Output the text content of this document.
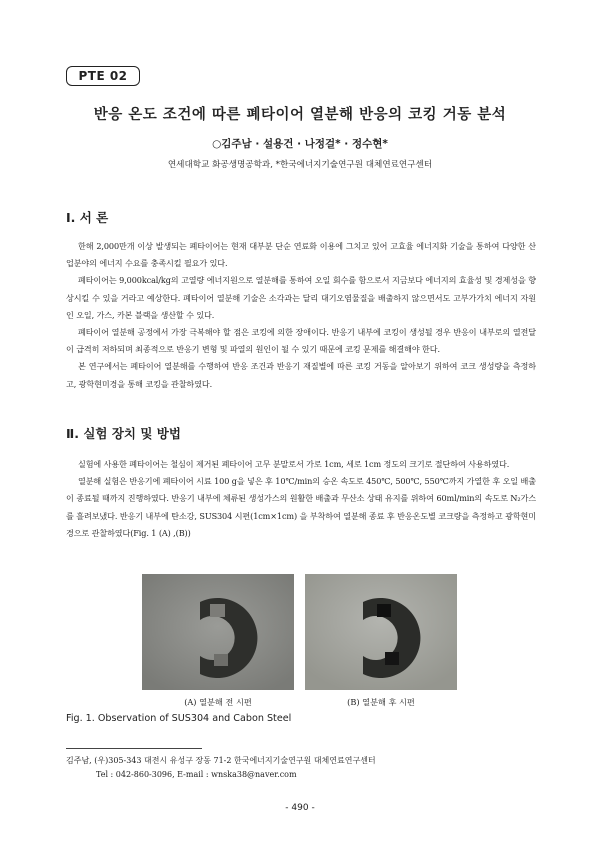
PTE 02
반응 온도 조건에 따른 폐타이어 열분해 반응의 코킹 거동 분석
○김주남 · 설용건 · 나정걸* · 정수현*
연세대학교 화공생명공학과, *한국에너지기술연구원 대체연료연구센터
Ⅰ. 서 론

한해 2,000만개 이상 발생되는 폐타이어는 현재 대부분 단순 연료화 이용에 그치고 있어 고효율 에너지화 기술을 통하여 다양한 산업분야의 에너지 수요를 충족시킬 필요가 있다.

폐타이어는 9,000kcal/kg의 고열량 에너지원으로 열분해를 통하여 오일 회수를 함으로서 지금보다 에너지의 효율성 및 경제성을 향상시킬 수 있을 거라고 예상한다. 폐타이어 열분해 기술은 소각과는 달리 대기오염물질을 배출하지 않으면서도 고부가가치 에너지 자원인 오일, 가스, 카본 블랙을 생산할 수 있다.

폐타이어 열분해 공정에서 가장 극복해야 할 점은 코킹에 의한 장애이다. 반응기 내부에 코킹이 생성될 경우 반응이 내부로의 열전달이 급격히 저하되며 최종적으로 반응기 변형 및 파열의 원인이 될 수 있기 때문에 코킹 문제를 해결해야 한다.

본 연구에서는 폐타이어 열분해를 수행하여 반응 조건과 반응기 재질별에 따른 코킹 거동을 알아보기 위하여 코크 생성량을 측정하고, 광학현미경을 통해 코킹을 관찰하였다.

Ⅱ. 실험 장치 및 방법

실험에 사용한 폐타이어는 철심이 제거된 폐타이어 고무 분말로서 가로 1cm, 세로 1cm 정도의 크기로 절단하여 사용하였다.

열분해 실험은 반응기에 폐타이어 시료 100 g을 넣은 후 10℃/min의 승온 속도로 450℃, 500℃, 550℃까지 가열한 후 오일 배출이 종료될 때까지 진행하였다. 반응기 내부에 체류된 생성가스의 원활한 배출과 무산소 상태 유지를 위하여 60ml/min의 속도로 N₂가스를 흘려보냈다. 반응기 내부에 탄소강, SUS304 시편(1cm×1cm) 을 부착하여 열분해 종료 후 반응온도별 코크량을 측정하고 광학현미경으로 관찰하였다(Fig. 1 (A) ,(B))

(A) 열분해 전 시편	(B) 열분해 후 시편
Fig. 1. Observation of SUS304 and Cabon Steel
김주남, (우)305-343 대전시 유성구 장동 71-2 한국에너지기술연구원 대체연료연구센터
Tel : 042-860-3096, E-mail : wnska38@naver.com
- 490 -
